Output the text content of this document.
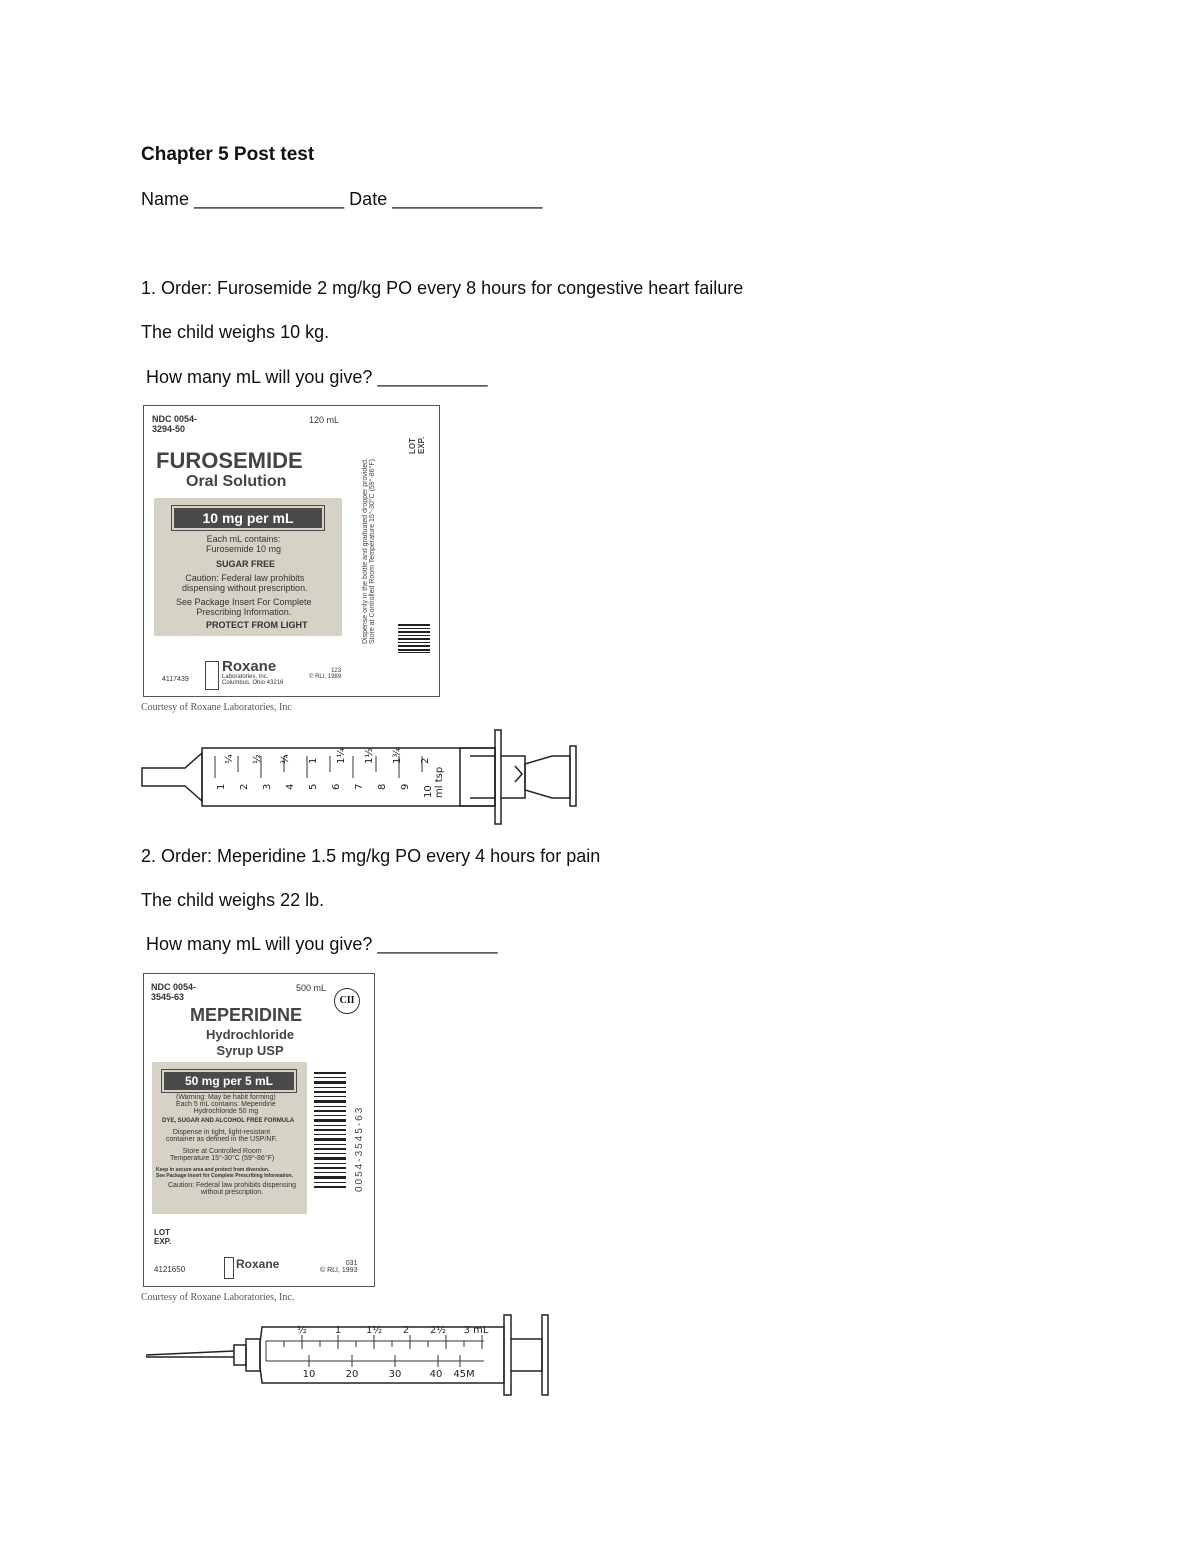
Chapter 5 Post test
Name _______________ Date _______________
1. Order: Furosemide 2 mg/kg PO every 8 hours for congestive heart failure
The child weighs 10 kg.
How many mL will you give? ___________
NDC 0054-
3294-50
120 mL
FUROSEMIDE
Oral Solution
10 mg per mL
Each mL contains:
Furosemide 10 mg
SUGAR FREE
Caution: Federal law prohibits
dispensing without prescription.
See Package Insert For Complete
Prescribing Information.
PROTECT FROM LIGHT	Dispense only in the bottle and graduated dropper provided.
Store at Controlled Room Temperature 15°-30°C (59°-86°F).
LOT
EXP.
4117439
Roxane
Laboratories, Inc.
Columbus, Ohio 43216
123
© RLI, 1989
Courtesy of Roxane Laboratories, Inc
1 2 3 4 5 6 7 8 9 10
¼ ½ ¾ 1 1¼ 1½ 1¾ 2
ml tsp
2. Order: Meperidine 1.5 mg/kg PO every 4 hours for pain
The child weighs 22 lb.
How many mL will you give? ____________
NDC 0054-
3545-63
500 mL
CII
MEPERIDINE
Hydrochloride
Syrup USP
50 mg per 5 mL
(Warning: May be habit forming)
Each 5 mL contains: Meperidine
Hydrochloride 50 mg
DYE, SUGAR AND ALCOHOL FREE FORMULA
Dispense in tight, light-resistant
container as defined in the USP/NF.
Store at Controlled Room
Temperature 15°-30°C (59°-86°F)
Keep in secure area and protect from diversion.
See Package Insert for Complete Prescribing Information.
Caution: Federal law prohibits dispensing
without prescription.
0054-3545-63
LOT
EXP.
4121650	Roxane	031
© RLI, 1993
Courtesy of Roxane Laboratories, Inc.
½	1 1½ 2 2½ 3 mL
10	20	30	40 45M
